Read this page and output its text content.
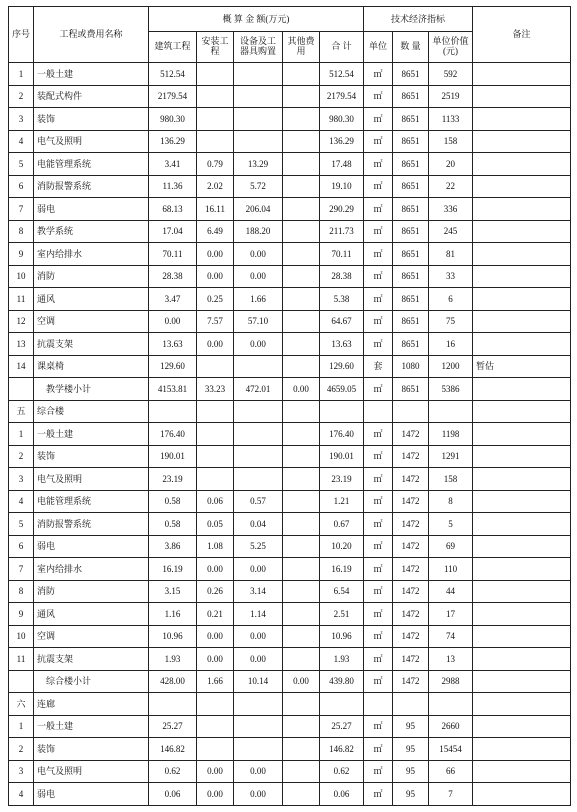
序号	工程或费用名称	概 算 金 额(万元)					技术经济指标			备注
		建筑工程	安装工程	设备及工器具购置	其他费用	合 计	单位	数 量	单位价值(元)	
1	一般土建	512.54				512.54	㎡	8651	592	
2	装配式构件	2179.54				2179.54	㎡	8651	2519	
3	装饰	980.30				980.30	㎡	8651	1133	
4	电气及照明	136.29				136.29	㎡	8651	158	
5	电能管理系统	3.41	0.79	13.29		17.48	㎡	8651	20	
6	消防报警系统	11.36	2.02	5.72		19.10	㎡	8651	22	
7	弱电	68.13	16.11	206.04		290.29	㎡	8651	336	
8	教学系统	17.04	6.49	188.20		211.73	㎡	8651	245	
9	室内给排水	70.11	0.00	0.00		70.11	㎡	8651	81	
10	消防	28.38	0.00	0.00		28.38	㎡	8651	33	
11	通风	3.47	0.25	1.66		5.38	㎡	8651	6	
12	空调	0.00	7.57	57.10		64.67	㎡	8651	75	
13	抗震支架	13.63	0.00	0.00		13.63	㎡	8651	16	
14	课桌椅	129.60				129.60	套	1080	1200	暂估
	教学楼小计	4153.81	33.23	472.01	0.00	4659.05	㎡	8651	5386	
五	综合楼									
1	一般土建	176.40				176.40	㎡	1472	1198	
2	装饰	190.01				190.01	㎡	1472	1291	
3	电气及照明	23.19				23.19	㎡	1472	158	
4	电能管理系统	0.58	0.06	0.57		1.21	㎡	1472	8	
5	消防报警系统	0.58	0.05	0.04		0.67	㎡	1472	5	
6	弱电	3.86	1.08	5.25		10.20	㎡	1472	69	
7	室内给排水	16.19	0.00	0.00		16.19	㎡	1472	110	
8	消防	3.15	0.26	3.14		6.54	㎡	1472	44	
9	通风	1.16	0.21	1.14		2.51	㎡	1472	17	
10	空调	10.96	0.00	0.00		10.96	㎡	1472	74	
11	抗震支架	1.93	0.00	0.00		1.93	㎡	1472	13	
	综合楼小计	428.00	1.66	10.14	0.00	439.80	㎡	1472	2988	
六	连廊									
1	一般土建	25.27				25.27	㎡	95	2660	
2	装饰	146.82				146.82	㎡	95	15454	
3	电气及照明	0.62	0.00	0.00		0.62	㎡	95	66	
4	弱电	0.06	0.00	0.00		0.06	㎡	95	7	
